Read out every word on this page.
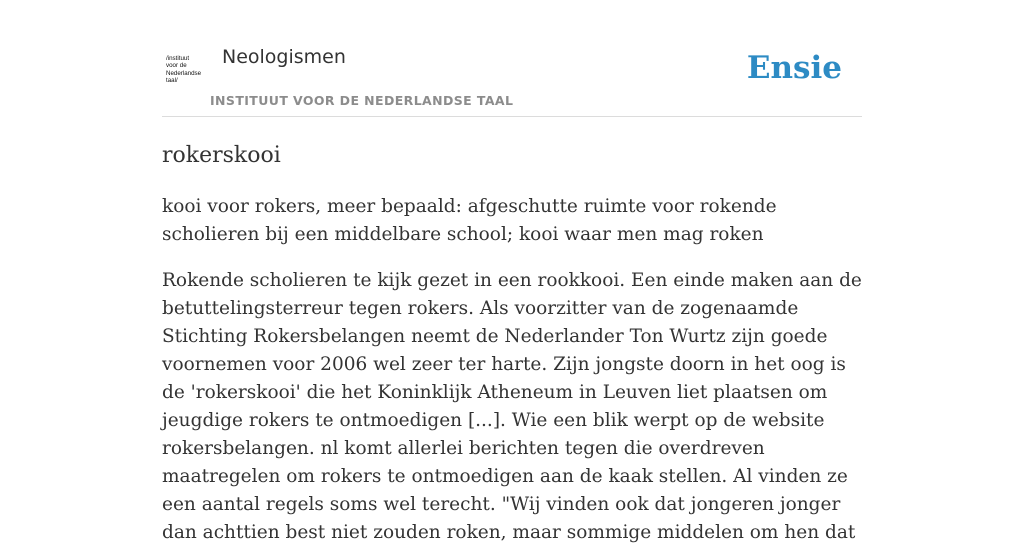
/instituut
voor de
Nederlandse
taal/
Neologismen
INSTITUUT VOOR DE NEDERLANDSE TAAL
Ensie
rokerskooi

kooi voor rokers, meer bepaald: afgeschutte ruimte voor rokende scholieren bij een middelbare school; kooi waar men mag roken

Rokende scholieren te kijk gezet in een rookkooi. Een einde maken aan de betuttelingsterreur tegen rokers. Als voorzitter van de zogenaamde Stichting Rokersbelangen neemt de Nederlander Ton Wurtz zijn goede voornemen voor 2006 wel zeer ter harte. Zijn jongste doorn in het oog is de 'rokerskooi' die het Koninklijk Atheneum in Leuven liet plaatsen om jeugdige rokers te ontmoedigen [...]. Wie een blik werpt op de website rokersbelangen. nl komt allerlei berichten tegen die overdreven maatregelen om rokers te ontmoedigen aan de kaak stellen. Al vinden ze een aantal regels soms wel terecht. "Wij vinden ook dat jongeren jonger dan achttien best niet zouden roken, maar sommige middelen om hen dat
